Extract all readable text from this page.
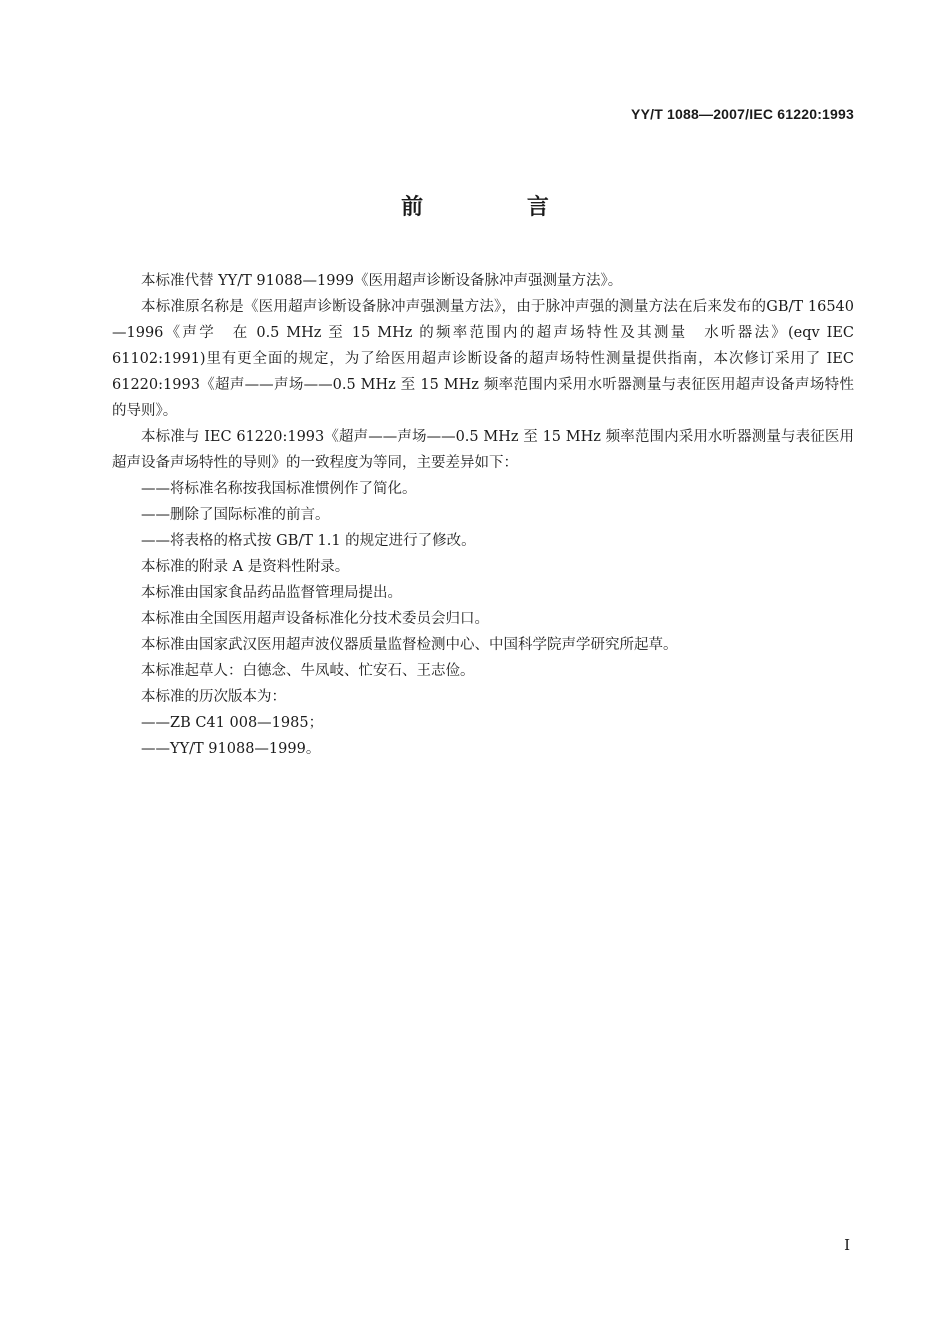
YY/T 1088—2007/IEC 61220:1993
前 言

本标准代替 YY/T 91088—1999《医用超声诊断设备脉冲声强测量方法》。

本标准原名称是《医用超声诊断设备脉冲声强测量方法》，由于脉冲声强的测量方法在后来发布的GB/T 16540—1996《声学　在 0.5 MHz 至 15 MHz 的频率范围内的超声场特性及其测量　水听器法》(eqv IEC 61102:1991)里有更全面的规定，为了给医用超声诊断设备的超声场特性测量提供指南，本次修订采用了 IEC 61220:1993《超声——声场——0.5 MHz 至 15 MHz 频率范围内采用水听器测量与表征医用超声设备声场特性的导则》。

本标准与 IEC 61220:1993《超声——声场——0.5 MHz 至 15 MHz 频率范围内采用水听器测量与表征医用超声设备声场特性的导则》的一致程度为等同，主要差异如下：

——将标准名称按我国标准惯例作了简化。

——删除了国际标准的前言。

——将表格的格式按 GB/T 1.1 的规定进行了修改。

本标准的附录 A 是资料性附录。

本标准由国家食品药品监督管理局提出。

本标准由全国医用超声设备标准化分技术委员会归口。

本标准由国家武汉医用超声波仪器质量监督检测中心、中国科学院声学研究所起草。

本标准起草人：白德念、牛凤岐、忙安石、王志俭。

本标准的历次版本为：

——ZB C41 008—1985；

——YY/T 91088—1999。

I
